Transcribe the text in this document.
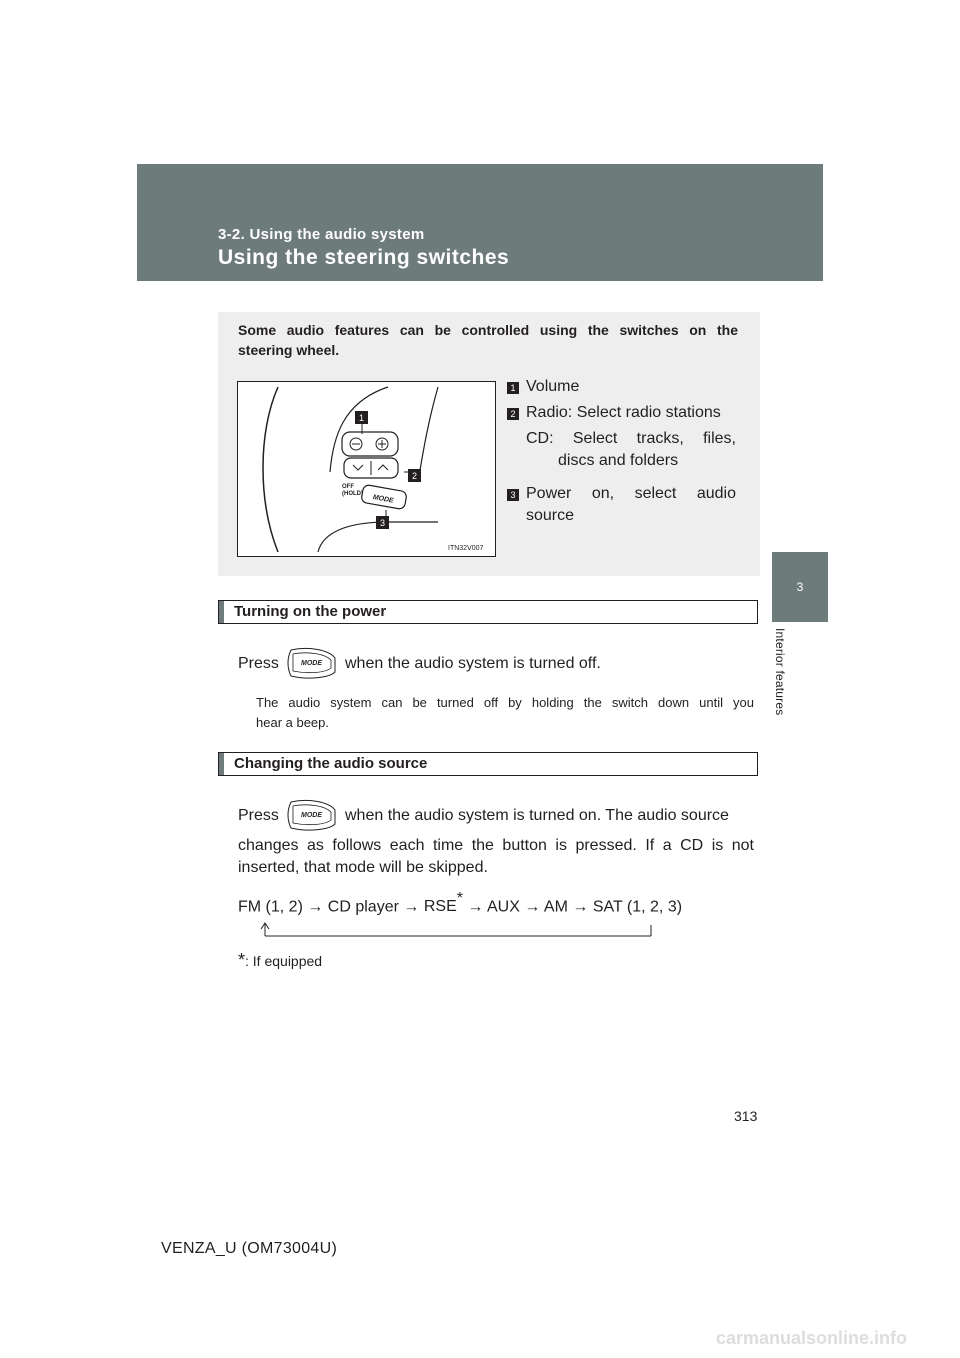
3-2. Using the audio system
Using the steering switches
3
Interior features
Some audio features can be controlled using the switches on the
steering wheel.
MODE
OFF
(HOLD)
1
2
3
ITN32V007
1 Volume
2 Radio: Select radio stations
CD: Select tracks, files,
discs and folders
3 Power on, select audio
source
Turning on the power
Press	MODE when the audio system is turned off.
The audio system can be turned off by holding the switch down until you
hear a beep.
Changing the audio source
Press	MODE when the audio system is turned on. The audio source
changes as follows each time the button is pressed. If a CD is not
inserted, that mode will be skipped.
FM (1, 2) → CD player → RSE* → AUX → AM → SAT (1, 2, 3)
*: If equipped
313
VENZA_U (OM73004U)
carmanualsonline.info
